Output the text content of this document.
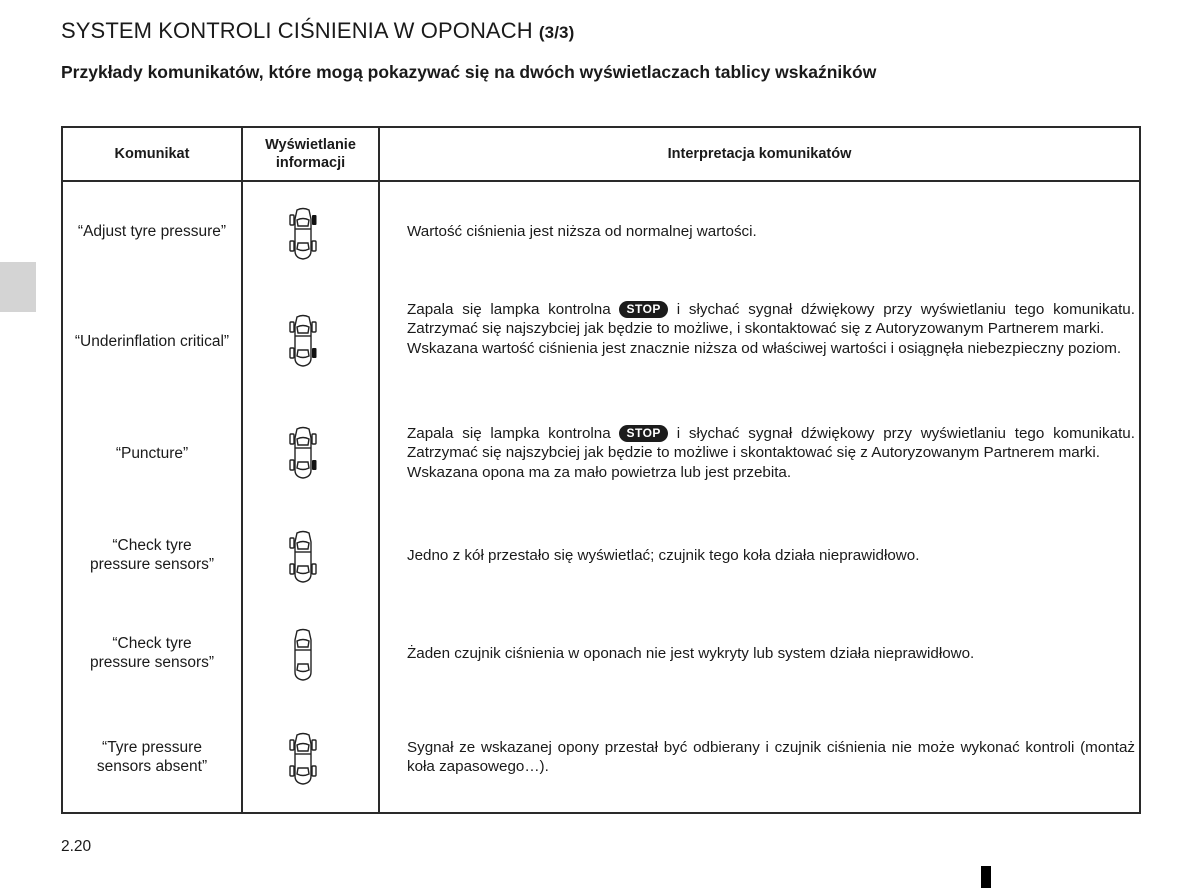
SYSTEM KONTROLI CIŚNIENIA W OPONACH (3/3)
Przykłady komunikatów, które mogą pokazywać się na dwóch wyświetlaczach tablicy wskaźników
Komunikat
Wyświetlanie
informacji
Interpretacja komunikatów
“Adjust tyre pressure”	Wartość ciśnienia jest niższa od normalnej wartości.

“Underinflation critical”

Zapala się lampka kontrolna STOP i słychać sygnał dźwiękowy przy wyświetlaniu tego komunikatu. Zatrzymać się najszybciej jak będzie to możliwe, i skontaktować się z Autoryzowanym Partnerem marki.

Wskazana wartość ciśnienia jest znacznie niższa od właściwej wartości i osiągnęła niebezpieczny poziom.

“Puncture”

Zapala się lampka kontrolna STOP i słychać sygnał dźwiękowy przy wyświetlaniu tego komunikatu. Zatrzymać się najszybciej jak będzie to możliwe i skontaktować się z Autoryzowanym Partnerem marki.

Wskazana opona ma za mało powietrza lub jest przebita.

“Check tyre
pressure sensors”

Jedno z kół przestało się wyświetlać; czujnik tego koła działa nieprawidłowo.

“Check tyre
pressure sensors”

Żaden czujnik ciśnienia w oponach nie jest wykryty lub system działa nieprawidłowo.

“Tyre pressure
sensors absent”

Sygnał ze wskazanej opony przestał być odbierany i czujnik ciśnienia nie może wykonać kontroli (montaż koła zapasowego…).

2.20
